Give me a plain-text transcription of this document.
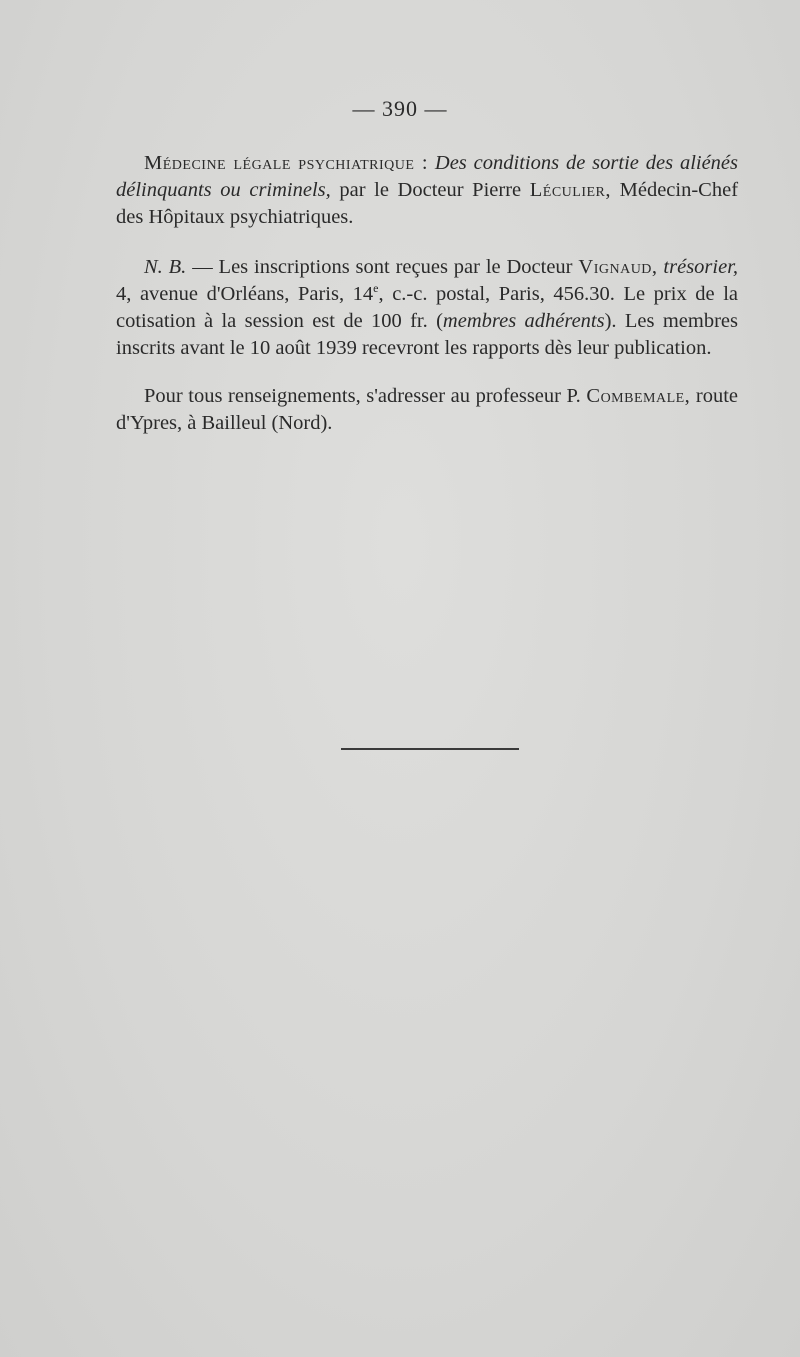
— 390 —

Médecine légale psychiatrique : Des conditions de sortie des aliénés délinquants ou criminels, par le Docteur Pierre Léculier, Médecin-Chef des Hôpitaux psychiatriques.

N. B. — Les inscriptions sont reçues par le Docteur Vignaud, trésorier, 4, avenue d'Orléans, Paris, 14e, c.-c. postal, Paris, 456.30. Le prix de la cotisation à la session est de 100 fr. (membres adhérents). Les membres inscrits avant le 10 août 1939 recevront les rapports dès leur publication.

Pour tous renseignements, s'adresser au professeur P. Combemale, route d'Ypres, à Bailleul (Nord).
